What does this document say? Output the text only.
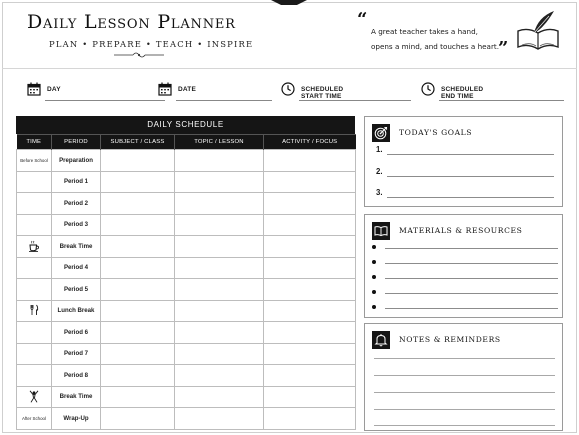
Daily Lesson Planner
PLAN • PREPARE • TEACH • INSPIRE
“
A great teacher takes a hand,
opens a mind, and touches a heart.
”
DAY	DATE	SCHEDULED START TIME
SCHEDULED END TIME
DAILY SCHEDULE
TIME	PERIOD	SUBJECT / CLASS	TOPIC / LESSON	ACTIVITY / FOCUS
Before School	Preparation			
	Period 1			
	Period 2			
	Period 3			
	Break Time			
	Period 4			
	Period 5			
	Lunch Break			
	Period 6			
	Period 7			
	Period 8			
	Break Time			
After School	Wrap-Up			
TODAY'S GOALS
1.
2.
3.
MATERIALS & RESOURCES
NOTES & REMINDERS
